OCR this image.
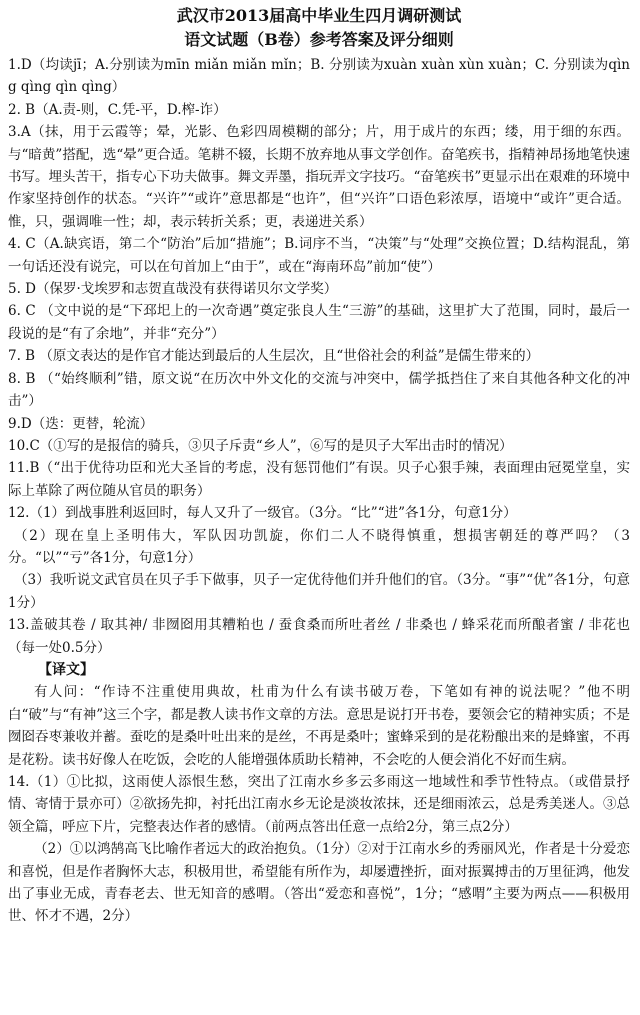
武汉市2013届高中毕业生四月调研测试

语文试题（B卷）参考答案及评分细则

1.D（均读jī；A.分别读为mīn miǎn miǎn mǐn；B. 分别读为xuàn xuàn xùn xuàn；C. 分别读为qìng qìng qìn qìng）

2. B（A.责-则，C.凭-平，D.榨-诈）

3.A（抹，用于云霞等；晕，光影、色彩四周模糊的部分；片，用于成片的东西；缕，用于细的东西。与“暗黄”搭配，选“晕”更合适。笔耕不辍，长期不放弃地从事文学创作。奋笔疾书，指精神昂扬地笔快速书写。埋头苦干，指专心下功夫做事。舞文弄墨，指玩弄文字技巧。“奋笔疾书”更显示出在艰难的环境中作家坚持创作的状态。“兴许”“或许”意思都是“也许”，但“兴许”口语色彩浓厚，语境中“或许”更合适。惟，只，强调唯一性；却，表示转折关系；更，表递进关系）

4. C（A.缺宾语，第二个“防治”后加“措施”；B.词序不当，“决策”与“处理”交换位置；D.结构混乱，第一句话还没有说完，可以在句首加上“由于”，或在“海南环岛”前加“使”）

5. D（保罗·戈埃罗和志贺直哉没有获得诺贝尔文学奖）

6. C （文中说的是“下邳圯上的一次奇遇”奠定张良人生“三游”的基础，这里扩大了范围，同时，最后一段说的是“有了余地”，并非“充分”）

7. B （原文表达的是作官才能达到最后的人生层次，且“世俗社会的利益”是儒生带来的）

8. B （“始终顺利”错，原文说“在历次中外文化的交流与冲突中，儒学抵挡住了来自其他各种文化的冲击”）

9.D（迭：更替，轮流）

10.C（①写的是报信的骑兵，③贝子斥责“乡人”，⑥写的是贝子大军出击时的情况）

11.B（“出于优待功臣和光大圣旨的考虑，没有惩罚他们”有误。贝子心狠手辣，表面理由冠冕堂皇，实际上革除了两位随从官员的职务）

12.（1）到战事胜利返回时，每人又升了一级官。（3分。“比”“进”各1分，句意1分）

（2）现在皇上圣明伟大，军队因功凯旋，你们二人不晓得慎重，想损害朝廷的尊严吗？（3分。“以”“亏”各1分，句意1分）

（3）我听说文武官员在贝子手下做事，贝子一定优待他们并升他们的官。（3分。“事”“优”各1分，句意1分）

13.盖破其卷 / 取其神/ 非囫囵用其糟粕也 / 蚕食桑而所吐者丝 / 非桑也 / 蜂采花而所酿者蜜 / 非花也（每一处0.5分）

【译文】

有人问：“作诗不注重使用典故，杜甫为什么有读书破万卷，下笔如有神的说法呢？”他不明白“破”与“有神”这三个字，都是教人读书作文章的方法。意思是说打开书卷，要领会它的精神实质；不是囫囵吞枣兼收并蓄。蚕吃的是桑叶吐出来的是丝，不再是桑叶；蜜蜂采到的是花粉酿出来的是蜂蜜，不再是花粉。读书好像人在吃饭，会吃的人能增强体质助长精神，不会吃的人便会消化不好而生病。

14.（1）①比拟，这雨使人添恨生愁，突出了江南水乡多云多雨这一地域性和季节性特点。（或借景抒情、寄情于景亦可）②欲扬先抑，衬托出江南水乡无论是淡妆浓抹，还是细雨浓云，总是秀美迷人。③总领全篇，呼应下片，完整表达作者的感情。（前两点答出任意一点给2分，第三点2分）

（2）①以鸿鹄高飞比喻作者远大的政治抱负。（1分）②对于江南水乡的秀丽风光，作者是十分爱恋和喜悦，但是作者胸怀大志，积极用世，希望能有所作为，却屡遭挫折，面对振翼搏击的万里征鸿，他发出了事业无成，青春老去、世无知音的感喟。（答出“爱恋和喜悦”，1分；“感喟”主要为两点——积极用世、怀才不遇，2分）
